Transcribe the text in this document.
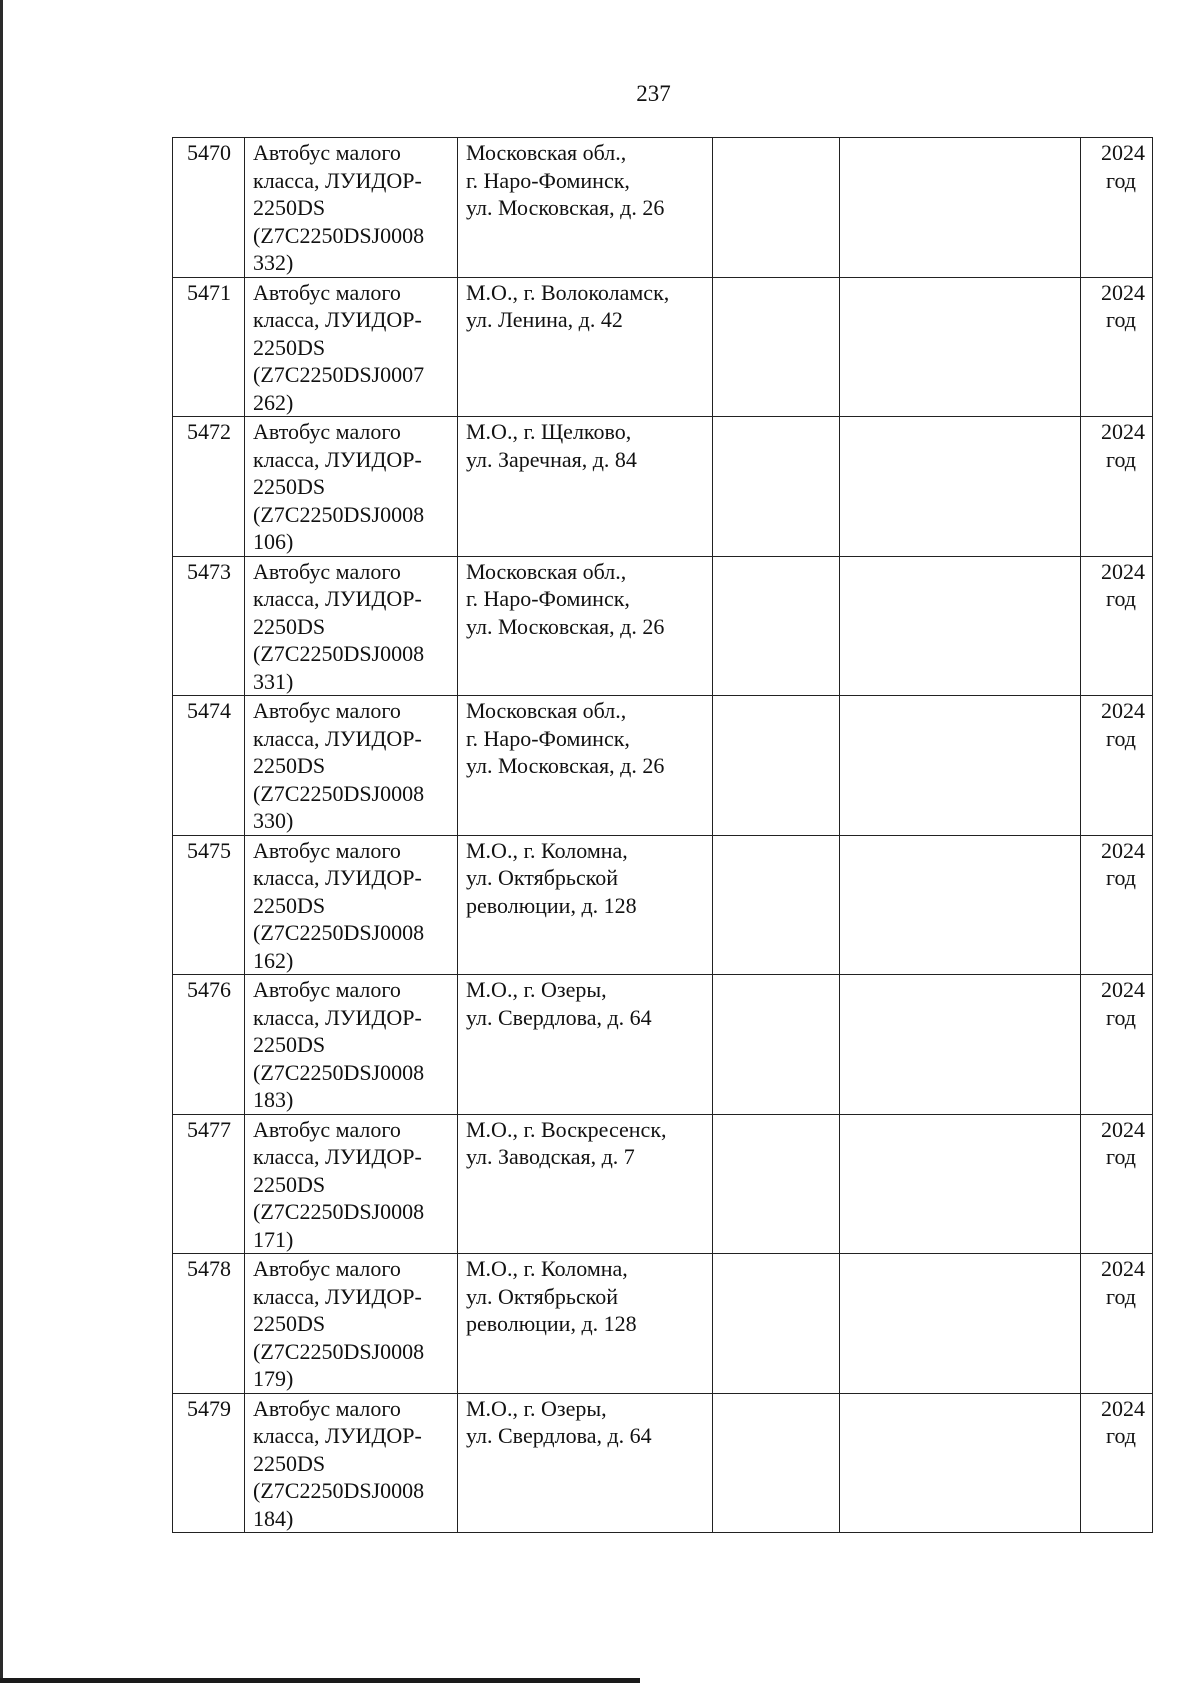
237
5470	Автобус малого
класса, ЛУИДОР-
2250DS
(Z7C2250DSJ0008
332)	Московская обл.,
г. Наро-Фоминск,
ул. Московская, д. 26			2024
год

5471	Автобус малого
класса, ЛУИДОР-
2250DS
(Z7C2250DSJ0007
262)	М.О., г. Волоколамск,
ул. Ленина, д. 42			2024
год

5472	Автобус малого
класса, ЛУИДОР-
2250DS
(Z7C2250DSJ0008
106)	М.О., г. Щелково,
ул. Заречная, д. 84			2024
год

5473	Автобус малого
класса, ЛУИДОР-
2250DS
(Z7C2250DSJ0008
331)	Московская обл.,
г. Наро-Фоминск,
ул. Московская, д. 26			2024
год

5474	Автобус малого
класса, ЛУИДОР-
2250DS
(Z7C2250DSJ0008
330)	Московская обл.,
г. Наро-Фоминск,
ул. Московская, д. 26			2024
год

5475	Автобус малого
класса, ЛУИДОР-
2250DS
(Z7C2250DSJ0008
162)	М.О., г. Коломна,
ул. Октябрьской
революции, д. 128			2024
год

5476	Автобус малого
класса, ЛУИДОР-
2250DS
(Z7C2250DSJ0008
183)	М.О., г. Озеры,
ул. Свердлова, д. 64			2024
год

5477	Автобус малого
класса, ЛУИДОР-
2250DS
(Z7C2250DSJ0008
171)	М.О., г. Воскресенск,
ул. Заводская, д. 7			2024
год

5478	Автобус малого
класса, ЛУИДОР-
2250DS
(Z7C2250DSJ0008
179)	М.О., г. Коломна,
ул. Октябрьской
революции, д. 128			2024
год

5479	Автобус малого
класса, ЛУИДОР-
2250DS
(Z7C2250DSJ0008
184)	М.О., г. Озеры,
ул. Свердлова, д. 64			2024
год
